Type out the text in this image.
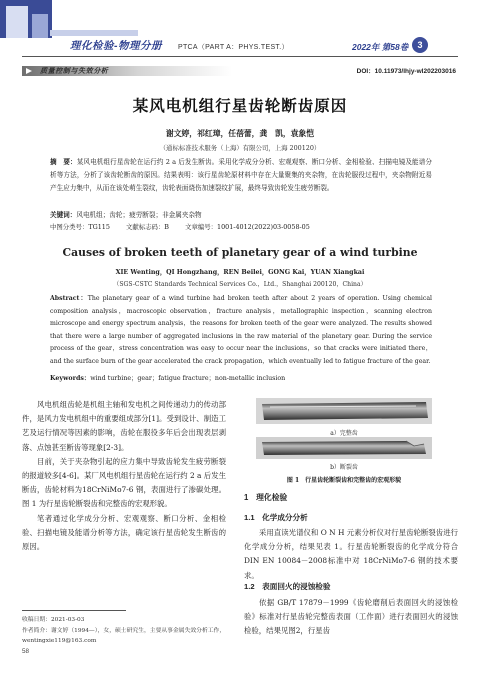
理化检验-物理分册 PTCA（PART A：PHYS.TEST.）	2022年 第58卷	3
质量控制与失效分析	DOI：10.11973/lhjy-wl202203016
某风电机组行星齿轮断齿原因
谢文婷，祁红璋，任蓓蕾，龚　凯，袁象恺
（通标标准技术服务（上海）有限公司，上海 200120）
摘　要：某风电机组行星齿轮在运行约 2 a 后发生断齿。采用化学成分分析、宏观观察、断口分析、金相检验、扫描电镜及能谱分析等方法，分析了该齿轮断齿的原因。结果表明：该行星齿轮原材料中存在大量聚集的夹杂物，在齿轮服役过程中，夹杂物附近易产生应力集中，从而在该处萌生裂纹，齿轮表面烧伤加速裂纹扩展，最终导致齿轮发生疲劳断裂。
关键词：风电机组；齿轮；疲劳断裂；非金属夹杂物
中图分类号：TG115	文献标志码：B	文章编号：1001-4012(2022)03-0058-05
Causes of broken teeth of planetary gear of a wind turbine
XIE Wenting，QI Hongzhang，REN Beilei，GONG Kai，YUAN Xiangkai
（SGS-CSTC Standards Technical Services Co.，Ltd.，Shanghai 200120，China）
Abstract：The planetary gear of a wind turbine had broken teeth after about 2 years of operation. Using chemical composition analysis，macroscopic observation，fracture analysis，metallographic inspection，scanning electron microscope and energy spectrum analysis，the reasons for broken teeth of the gear were analyzed. The results showed that there were a large number of aggregated inclusions in the raw material of the planetary gear. During the service process of the gear，stress concentration was easy to occur near the inclusions，so that cracks were initiated there，and the surface burn of the gear accelerated the crack propagation，which eventually led to fatigue fracture of the gear.
Keywords：wind turbine；gear；fatigue fracture；non-metallic inclusion

风电机组齿轮是机组主轴和发电机之间传递动力的传动部件，是风力发电机组中的重要组成部分[1]。受到设计、制造工艺及运行情况等因素的影响，齿轮在服役多年后会出现表层剥落、点蚀甚至断齿等现象[2-3]。

目前，关于夹杂物引起的应力集中导致齿轮发生疲劳断裂的报道较多[4-6]。某厂风电机组行星齿轮在运行约 2 a 后发生断齿，齿轮材料为18CrNiMo7-6 钢，表面进行了渗碳处理。图 1 为行星齿轮断裂齿和完整齿的宏观形貌。

笔者通过化学成分分析、宏观观察、断口分析、金相检验、扫描电镜及能谱分析等方法，确定该行星齿轮发生断齿的原因。

a）完整齿
b）断裂齿
图 1　行星齿轮断裂齿和完整齿的宏观形貌
1　理化检验
1.1　化学成分分析

采用直读光谱仪和 O N H 元素分析仪对行星齿轮断裂齿进行化学成分分析，结果见表 1。行星齿轮断裂齿的化学成分符合 DIN EN 10084－2008标准中对 18CrNiMo7-6 钢的技术要求。

1.2　表面回火的浸蚀检验

依据 GB/T 17879－1999《齿轮磨削后表面回火的浸蚀检验》标准对行星齿轮完整齿表面（工作面）进行表面回火的浸蚀检验，结果见图2，行星齿

收稿日期：2021-03-03
作者简介：谢文婷（1994—），女，硕士研究生，主要从事金属失效分析工作，wentingxie119@163.com
58
